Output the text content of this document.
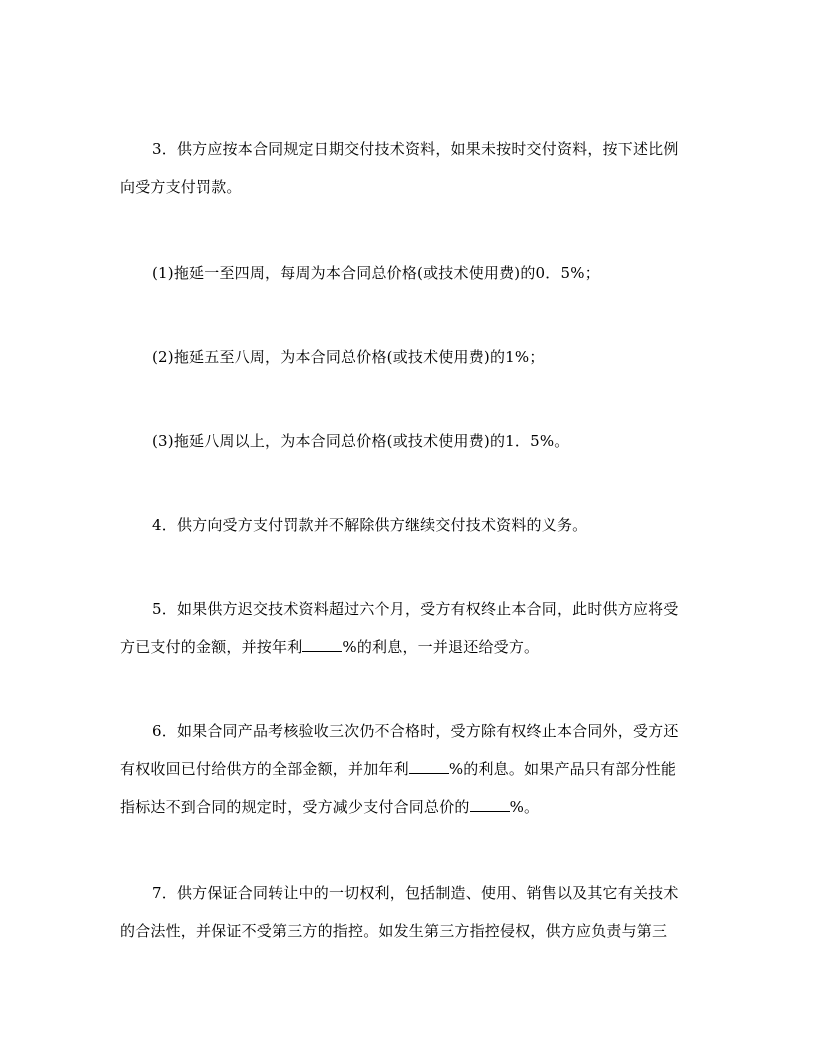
3．供方应按本合同规定日期交付技术资料，如果未按时交付资料，按下述比例
向受方支付罚款。
(1)拖延一至四周，每周为本合同总价格(或技术使用费)的0．5%；
(2)拖延五至八周，为本合同总价格(或技术使用费)的1%；
(3)拖延八周以上，为本合同总价格(或技术使用费)的1．5%。
4．供方向受方支付罚款并不解除供方继续交付技术资料的义务。
5．如果供方迟交技术资料超过六个月，受方有权终止本合同，此时供方应将受
方已支付的金额，并按年利	%的利息，一并退还给受方。
6．如果合同产品考核验收三次仍不合格时，受方除有权终止本合同外，受方还
有权收回已付给供方的全部金额，并加年利	%的利息。如果产品只有部分性能
指标达不到合同的规定时，受方减少支付合同总价的	%。
7．供方保证合同转让中的一切权利，包括制造、使用、销售以及其它有关技术
的合法性，并保证不受第三方的指控。如发生第三方指控侵权，供方应负责与第三
